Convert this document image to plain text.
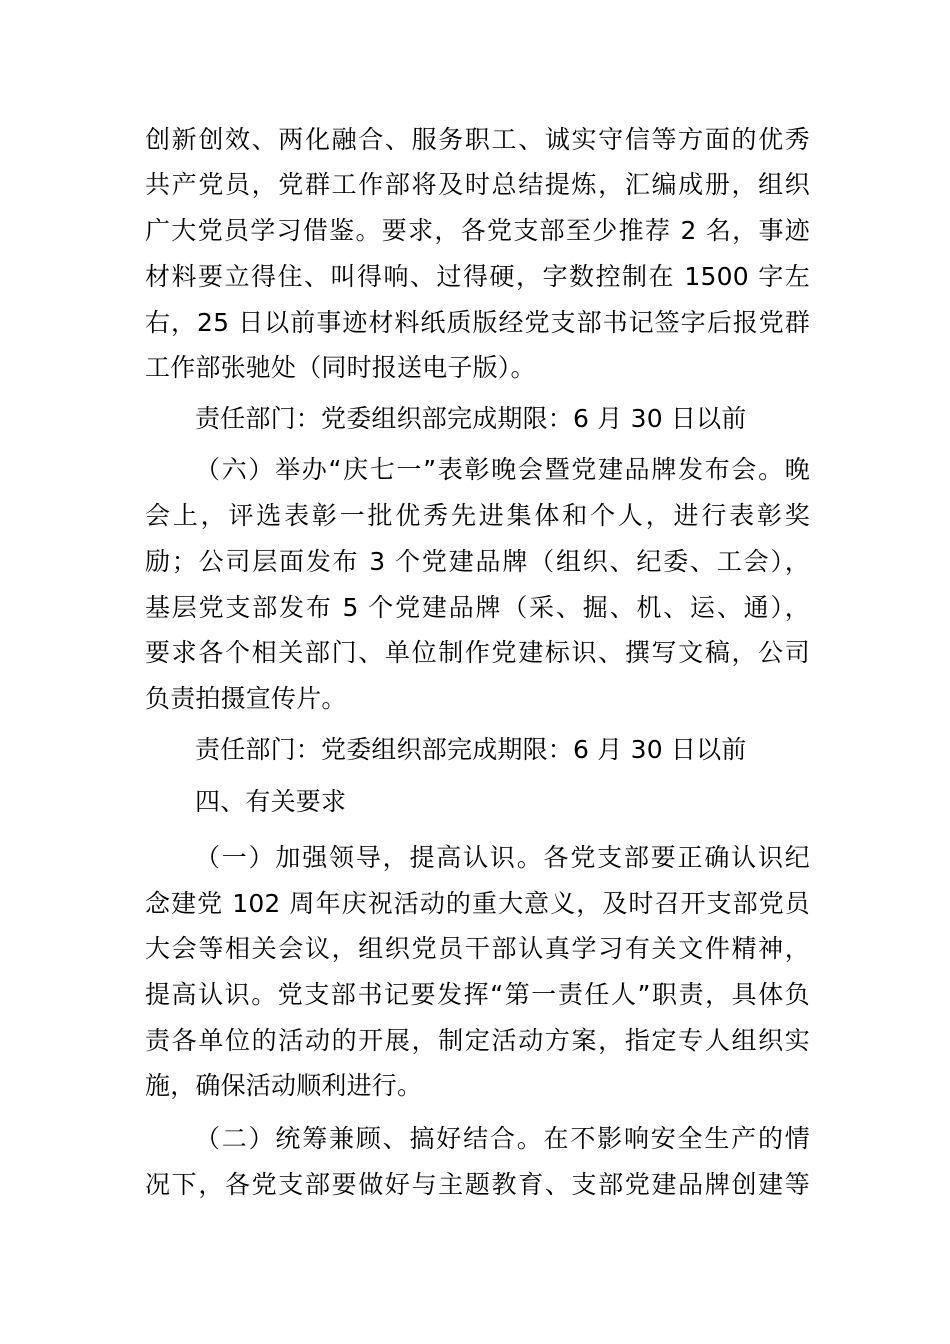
创新创效、两化融合、服务职工、诚实守信等方面的优秀
共产党员，党群工作部将及时总结提炼，汇编成册，组织
广大党员学习借鉴。要求，各党支部至少推荐 2 名，事迹
材料要立得住、叫得响、过得硬，字数控制在 1500 字左
右，25 日以前事迹材料纸质版经党支部书记签字后报党群
工作部张驰处（同时报送电子版）。
责任部门：党委组织部完成期限：6 月 30 日以前
（六）举办“庆七一”表彰晚会暨党建品牌发布会。晚
会上，评选表彰一批优秀先进集体和个人，进行表彰奖
励；公司层面发布 3 个党建品牌（组织、纪委、工会），
基层党支部发布 5 个党建品牌（采、掘、机、运、通），
要求各个相关部门、单位制作党建标识、撰写文稿，公司
负责拍摄宣传片。
责任部门：党委组织部完成期限：6 月 30 日以前
四、有关要求
（一）加强领导，提高认识。各党支部要正确认识纪
念建党 102 周年庆祝活动的重大意义，及时召开支部党员
大会等相关会议，组织党员干部认真学习有关文件精神，
提高认识。党支部书记要发挥“第一责任人”职责，具体负
责各单位的活动的开展，制定活动方案，指定专人组织实
施，确保活动顺利进行。
（二）统筹兼顾、搞好结合。在不影响安全生产的情
况下，各党支部要做好与主题教育、支部党建品牌创建等
